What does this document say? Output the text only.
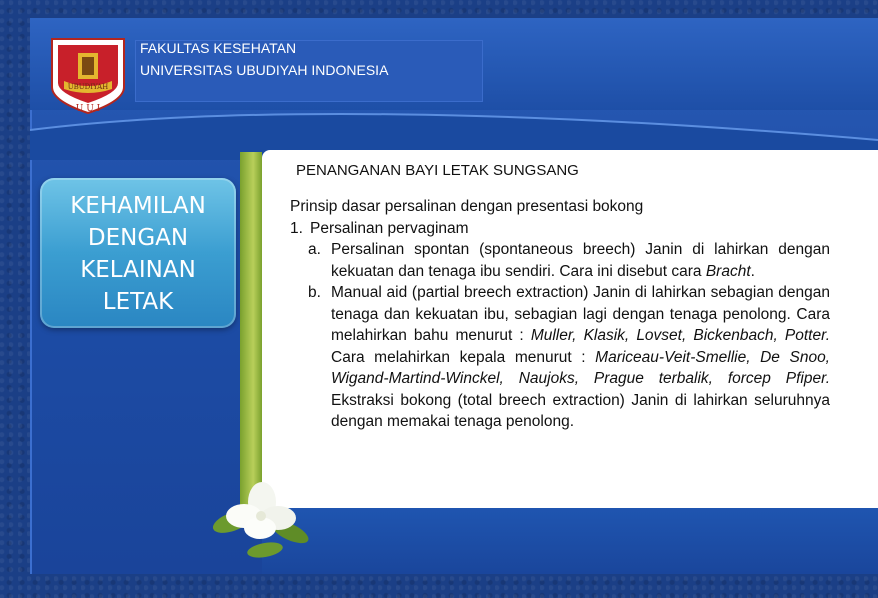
FAKULTAS KESEHATAN
UNIVERSITAS UBUDIYAH INDONESIA
UBUDIYAH
U U I
KEHAMILAN
DENGAN
KELAINAN
LETAK
PENANGANAN BAYI LETAK SUNGSANG

Prinsip dasar persalinan dengan presentasi bokong

1. Persalinan pervaginam
a. Persalinan spontan (spontaneous breech) Janin di lahirkan dengan kekuatan dan tenaga ibu sendiri. Cara ini disebut cara Bracht.
b. Manual aid (partial breech extraction) Janin di lahirkan sebagian dengan tenaga dan kekuatan ibu, sebagian lagi dengan tenaga penolong. Cara melahirkan bahu menurut : Muller, Klasik, Lovset, Bickenbach, Potter. Cara melahirkan kepala menurut : Mariceau-Veit-Smellie, De Snoo, Wigand-Martind-Winckel, Naujoks, Prague terbalik, forcep Pfiper. Ekstraksi bokong (total breech extraction) Janin di lahirkan seluruhnya dengan memakai tenaga penolong.
